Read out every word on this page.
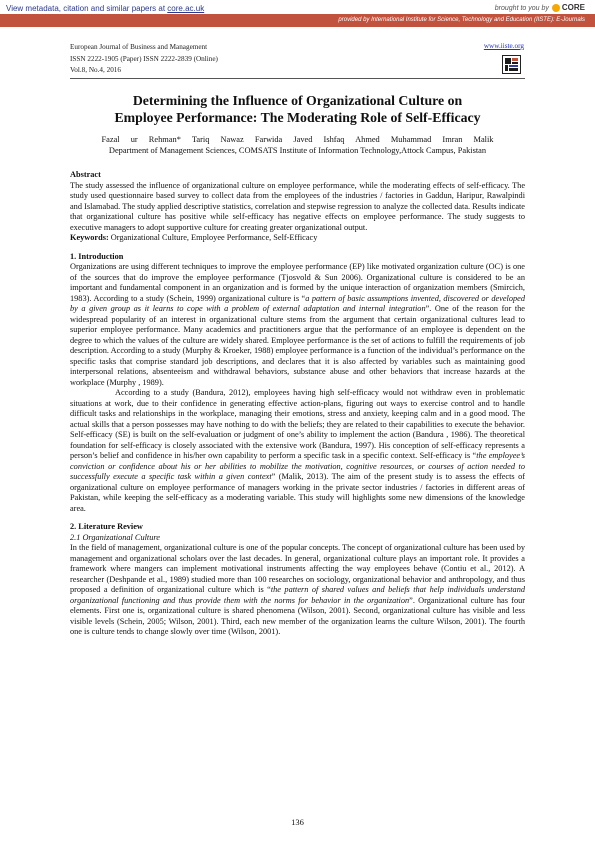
View metadata, citation and similar papers at core.ac.uk	brought to you by CORE
provided by International Institute for Science, Technology and Education (IISTE): E-Journals
European Journal of Business and Management
ISSN 2222-1905 (Paper) ISSN 2222-2839 (Online)
Vol.8, No.4, 2016
www.iiste.org
Determining the Influence of Organizational Culture on
Employee Performance: The Moderating Role of Self-Efficacy
Fazal ur Rehman* Tariq Nawaz Farwida Javed Ishfaq Ahmed Muhammad Imran Malik
Department of Management Sciences, COMSATS Institute of Information Technology,Attock Campus, Pakistan

Abstract

The study assessed the influence of organizational culture on employee performance, while the moderating effects of self-efficacy. The study used questionnaire based survey to collect data from the employees of the industries / factories in Gaddun, Haripur, Rawalpindi and Islamabad. The study applied descriptive statistics, correlation and stepwise regression to analyze the collected data. Results indicate that organizational culture has positive while self-efficacy has negative effects on employee performance. The study suggests to executive managers to adopt supportive culture for creating greater organizational output.

Keywords: Organizational Culture, Employee Performance, Self-Efficacy

1. Introduction

Organizations are using different techniques to improve the employee performance (EP) like motivated organization culture (OC) is one of the sources that do improve the employee performance (Tjosvold & Sun 2006). Organizational culture is considered to be an important and fundamental component in an organization and is formed by the unique interaction of organization members (Smircich, 1983). According to a study (Schein, 1999) organizational culture is “a pattern of basic assumptions invented, discovered or developed by a given group as it learns to cope with a problem of external adaptation and internal integration”. One of the reason for the widespread popularity of an interest in organizational culture stems from the argument that certain organizational cultures lead to superior employee performance. Many academics and practitioners argue that the performance of an employee is dependent on the degree to which the values of the culture are widely shared. Employee performance is the set of actions to fulfill the requirements of job description. According to a study (Murphy & Kroeker, 1988) employee performance is a function of the individual’s performance on the specific tasks that comprise standard job descriptions, and declares that it is also affected by variables such as maintaining good interpersonal relations, absenteeism and withdrawal behaviors, substance abuse and other behaviors that increase hazards at the workplace (Murphy , 1989).

According to a study (Bandura, 2012), employees having high self-efficacy would not withdraw even in problematic situations at work, due to their confidence in generating effective action-plans, figuring out ways to exercise control and to handle difficult tasks and relationships in the workplace, managing their emotions, stress and anxiety, keeping calm and in a good mood. The actual skills that a person possesses may have nothing to do with the beliefs; they are related to their capabilities to execute the behavior. Self-efficacy (SE) is built on the self-evaluation or judgment of one’s ability to implement the action (Bandura , 1986). The theoretical foundation for self-efficacy is closely associated with the extensive work (Bandura, 1997). His conception of self-efficacy represents a person’s belief and confidence in his/her own capability to perform a specific task in a specific context. Self-efficacy is “the employee’s conviction or confidence about his or her abilities to mobilize the motivation, cognitive resources, or courses of action needed to successfully execute a specific task within a given context” (Malik, 2013). The aim of the present study is to assess the effects of organizational culture on employee performance of managers working in the private sector industries / factories in different areas of Pakistan, while keeping the self-efficacy as a moderating variable. This study will highlights some new dimensions of the knowledge area.

2. Literature Review

2.1 Organizational Culture

In the field of management, organizational culture is one of the popular concepts. The concept of organizational culture has been used by management and organizational scholars over the last decades. In general, organizational culture plays an important role. It provides a framework where mangers can implement motivational instruments affecting the way employees behave (Contiu et al., 2012). A researcher (Deshpande et al., 1989) studied more than 100 researches on sociology, organizational behavior and anthropology, and thus proposed a definition of organizational culture which is “the pattern of shared values and beliefs that help individuals understand organizational functioning and thus provide them with the norms for behavior in the organization”. Organizational culture has four elements. First one is, organizational culture is shared phenomena (Wilson, 2001). Second, organizational culture has visible and less visible levels (Schein, 2005; Wilson, 2001). Third, each new member of the organization learns the culture Wilson, 2001). The fourth one is culture tends to change slowly over time (Wilson, 2001).

136
